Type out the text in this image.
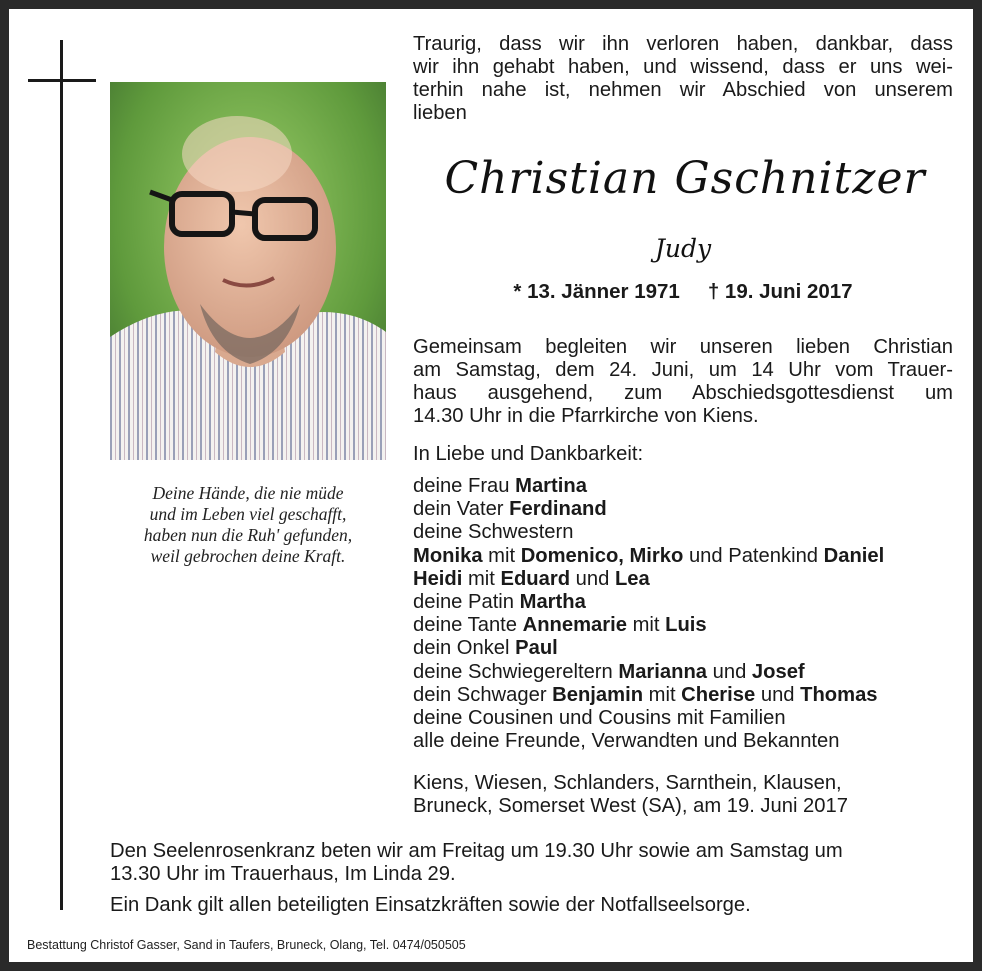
Deine Hände, die nie müde
und im Leben viel geschafft,
haben nun die Ruh' gefunden,
weil gebrochen deine Kraft.
Traurig, dass wir ihn verloren haben, dankbar, dass
wir ihn gehabt haben, und wissend, dass er uns wei-
terhin nahe ist, nehmen wir Abschied von unserem
lieben
Christian Gschnitzer
Judy
* 13. Jänner 1971 † 19. Juni 2017
Gemeinsam begleiten wir unseren lieben Christian
am Samstag, dem 24. Juni, um 14 Uhr vom Trauer-
haus ausgehend, zum Abschiedsgottesdienst um
14.30 Uhr in die Pfarrkirche von Kiens.
In Liebe und Dankbarkeit:
deine Frau Martina
dein Vater Ferdinand
deine Schwestern
Monika mit Domenico, Mirko und Patenkind Daniel
Heidi mit Eduard und Lea
deine Patin Martha
deine Tante Annemarie mit Luis
dein Onkel Paul
deine Schwiegereltern Marianna und Josef
dein Schwager Benjamin mit Cherise und Thomas
deine Cousinen und Cousins mit Familien
alle deine Freunde, Verwandten und Bekannten
Kiens, Wiesen, Schlanders, Sarnthein, Klausen,
Bruneck, Somerset West (SA), am 19. Juni 2017
Den Seelenrosenkranz beten wir am Freitag um 19.30 Uhr sowie am Samstag um
13.30 Uhr im Trauerhaus, Im Linda 29.
Ein Dank gilt allen beteiligten Einsatzkräften sowie der Notfallseelsorge.
Bestattung Christof Gasser, Sand in Taufers, Bruneck, Olang, Tel. 0474/050505
